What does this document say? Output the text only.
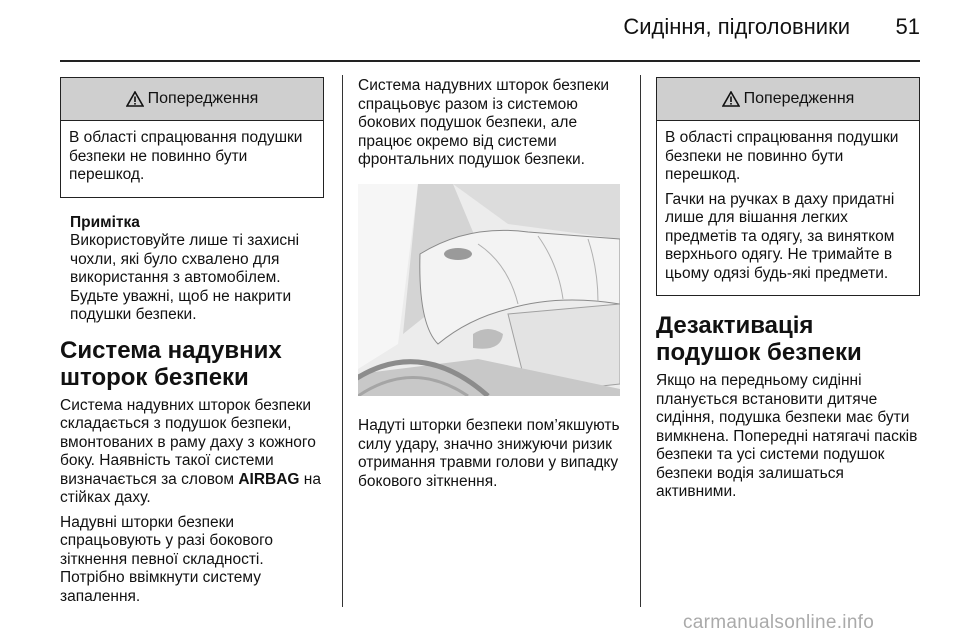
Сидіння, підголовники	51
Попередження

В області спрацювання подушки безпеки не повинно бути перешкод.

Примітка

Використовуйте лише ті захисні чохли, які було схвалено для використання з автомобілем. Будьте уважні, щоб не накрити подушки безпеки.

Система надувних шторок безпеки

Система надувних шторок безпеки складається з подушок безпеки, вмонтованих в раму даху з кожного боку. Наявність такої системи визначається за словом AIRBAG на стійках даху.

Надувні шторки безпеки спрацьовують у разі бокового зіткнення певної складності. Потрібно ввімкнути систему запалення.

Система надувних шторок безпеки спрацьовує разом із системою бокових подушок безпеки, але працює окремо від системи фронтальних подушок безпеки.

Надуті шторки безпеки пом’якшують силу удару, значно знижуючи ризик отримання травми голови у випадку бокового зіткнення.

Попередження

В області спрацювання подушки безпеки не повинно бути перешкод.

Гачки на ручках в даху придатні лише для вішання легких предметів та одягу, за винятком верхнього одягу. Не тримайте в цьому одязі будь-які предмети.

Дезактивація подушок безпеки

Якщо на передньому сидінні планується встановити дитяче сидіння, подушка безпеки має бути вимкнена. Попередні натягачі пасків безпеки та усі системи подушок безпеки водія залишаться активними.

carmanualsonline.info
